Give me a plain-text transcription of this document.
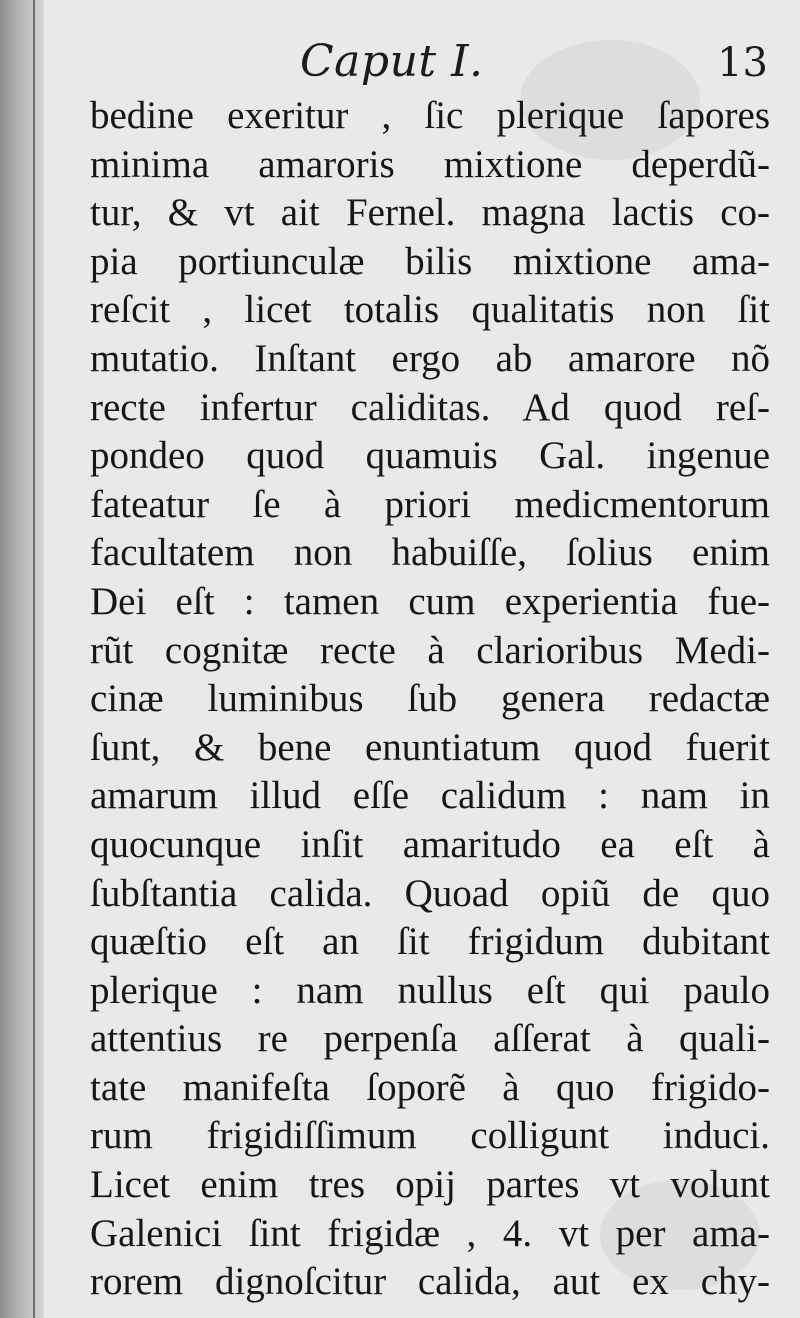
Caput I.	13
bedine exeritur , ſic plerique ſapores
minima amaroris mixtione deperdũ-
tur, & vt ait Fernel. magna lactis co-
pia portiunculæ bilis mixtione ama-
reſcit , licet totalis qualitatis non ſit
mutatio. Inſtant ergo ab amarore nõ
recte infertur caliditas. Ad quod reſ-
pondeo quod quamuis Gal. ingenue
fateatur ſe à priori medicmentorum
facultatem non habuiſſe, ſolius enim
Dei eſt : tamen cum experientia fue-
rũt cognitæ recte à clarioribus Medi-
cinæ luminibus ſub genera redactæ
ſunt, & bene enuntiatum quod fuerit
amarum illud eſſe calidum : nam in
quocunque inſit amaritudo ea eſt à
ſubſtantia calida. Quoad opiũ de quo
quæſtio eſt an ſit frigidum dubitant
plerique : nam nullus eſt qui paulo
attentius re perpenſa aſſerat à quali-
tate manifeſta ſoporẽ à quo frigido-
rum frigidiſſimum colligunt induci.
Licet enim tres opij partes vt volunt
Galenici ſint frigidæ , 4. vt per ama-
rorem dignoſcitur calida, aut ex chy-
